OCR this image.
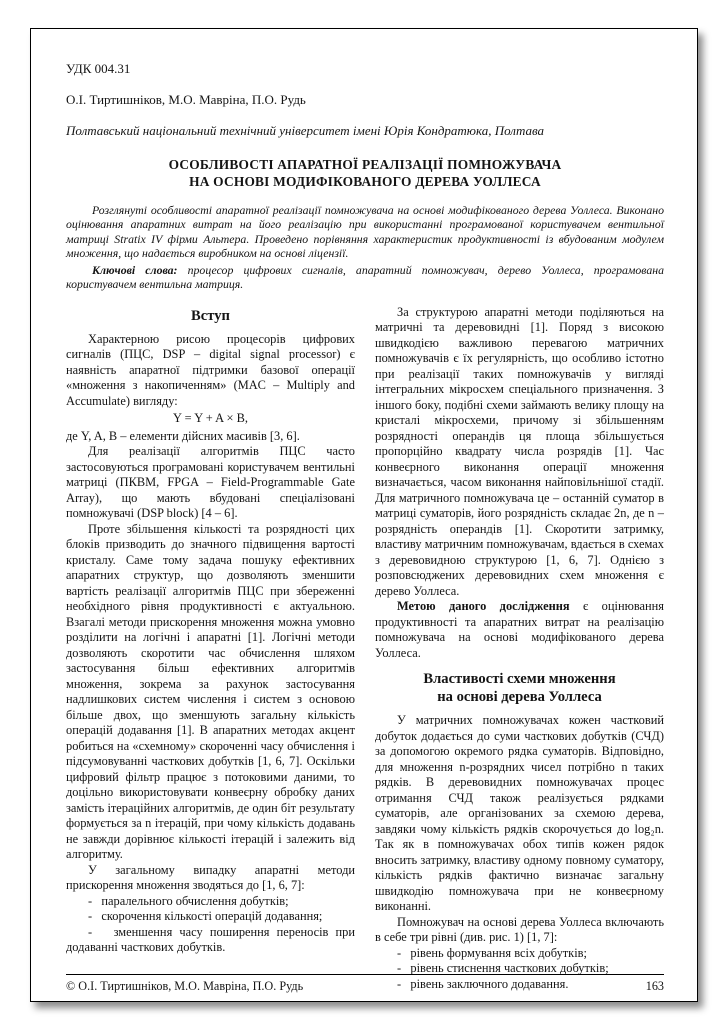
УДК 004.31
О.І. Тиртишніков, М.О. Мавріна, П.О. Рудь
Полтавський національний технічний університет імені Юрія Кондратюка, Полтава
ОСОБЛИВОСТІ АПАРАТНОЇ РЕАЛІЗАЦІЇ ПОМНОЖУВАЧА
НА ОСНОВІ МОДИФІКОВАНОГО ДЕРЕВА УОЛЛЕСА
Розглянуті особливості апаратної реалізації помножувача на основі модифікованого дерева Уоллеса. Виконано оцінювання апаратних витрат на його реалізацію при використанні програмованої користувачем вентильної матриці Stratix IV фірми Альтера. Проведено порівняння характеристик продуктивності із вбудованим модулем множення, що надається виробником на основі ліцензії.
Ключові слова: процесор цифрових сигналів, апаратний помножувач, дерево Уоллеса, програмована користувачем вентильна матриця.
Вступ

Характерною рисою процесорів цифрових сигналів (ПЦС, DSP – digital signal processor) є наявність апаратної підтримки базової операції «множення з накопиченням» (MAC – Multiply and Accumulate) вигляду:

Y = Y + A × B,

де Y, A, B – елементи дійсних масивів [3, 6].

Для реалізації алгоритмів ПЦС часто застосовуються програмовані користувачем вентильні матриці (ПКВМ, FPGA – Field-Programmable Gate Array), що мають вбудовані спеціалізовані помножувачі (DSP block) [4 – 6].

Проте збільшення кількості та розрядності цих блоків призводить до значного підвищення вартості кристалу. Саме тому задача пошуку ефективних апаратних структур, що дозволяють зменшити вартість реалізації алгоритмів ПЦС при збереженні необхідного рівня продуктивності є актуальною. Взагалі методи прискорення множення можна умовно розділити на логічні і апаратні [1]. Логічні методи дозволяють скоротити час обчислення шляхом застосування більш ефективних алгоритмів множення, зокрема за рахунок застосування надлишкових систем числення і систем з основою більше двох, що зменшують загальну кількість операцій додавання [1]. В апаратних методах акцент робиться на «схемному» скороченні часу обчислення і підсумовуванні часткових добутків [1, 6, 7]. Оскільки цифровий фільтр працює з потоковими даними, то доцільно використовувати конвеєрну обробку даних замість ітераційних алгоритмів, де один біт результату формується за n ітерацій, при чому кількість додавань не завжди дорівнює кількості ітерацій і залежить від алгоритму.

У загальному випадку апаратні методи прискорення множення зводяться до [1, 6, 7]:

-   паралельного обчислення добутків;

-   скорочення кількості операцій додавання;

-   зменшення часу поширення переносів при додаванні часткових добутків.

За структурою апаратні методи поділяються на матричні та деревовидні [1]. Поряд з високою швидкодією важливою перевагою матричних помножувачів є їх регулярність, що особливо істотно при реалізації таких помножувачів у вигляді інтегральних мікросхем спеціального призначення. З іншого боку, подібні схеми займають велику площу на кристалі мікросхеми, причому зі збільшенням розрядності операндів ця площа збільшується пропорційно квадрату числа розрядів [1]. Час конвеєрного виконання операції множення визначається, часом виконання найповільнішої стадії. Для матричного помножувача це – останній суматор в матриці суматорів, його розрядність складає 2n, де n – розрядність операндів [1]. Скоротити затримку, властиву матричним помножувачам, вдається в схемах з деревовидною структурою [1, 6, 7]. Однією з розповсюджених деревовидних схем множення є дерево Уоллеса.

Метою даного дослідження є оцінювання продуктивності та апаратних витрат на реалізацію помножувача на основі модифікованого дерева Уоллеса.

Властивості схеми множення
на основі дерева Уоллеса

У матричних помножувачах кожен частковий добуток додається до суми часткових добутків (СЧД) за допомогою окремого рядка суматорів. Відповідно, для множення n-розрядних чисел потрібно n таких рядків. В деревовидних помножувачах процес отримання СЧД також реалізується рядками суматорів, але організованих за схемою дерева, завдяки чому кількість рядків скорочується до log₂n. Так як в помножувачах обох типів кожен рядок вносить затримку, властиву одному повному суматору, кількість рядків фактично визначає загальну швидкодію помножувача при не конвеєрному виконанні.

Помножувач на основі дерева Уоллеса включають в себе три рівні (див. рис. 1) [1, 7]:

-   рівень формування всіх добутків;

-   рівень стиснення часткових добутків;

-   рівень заключного додавання.

© О.І. Тиртишніков, М.О. Мавріна, П.О. Рудь	163
